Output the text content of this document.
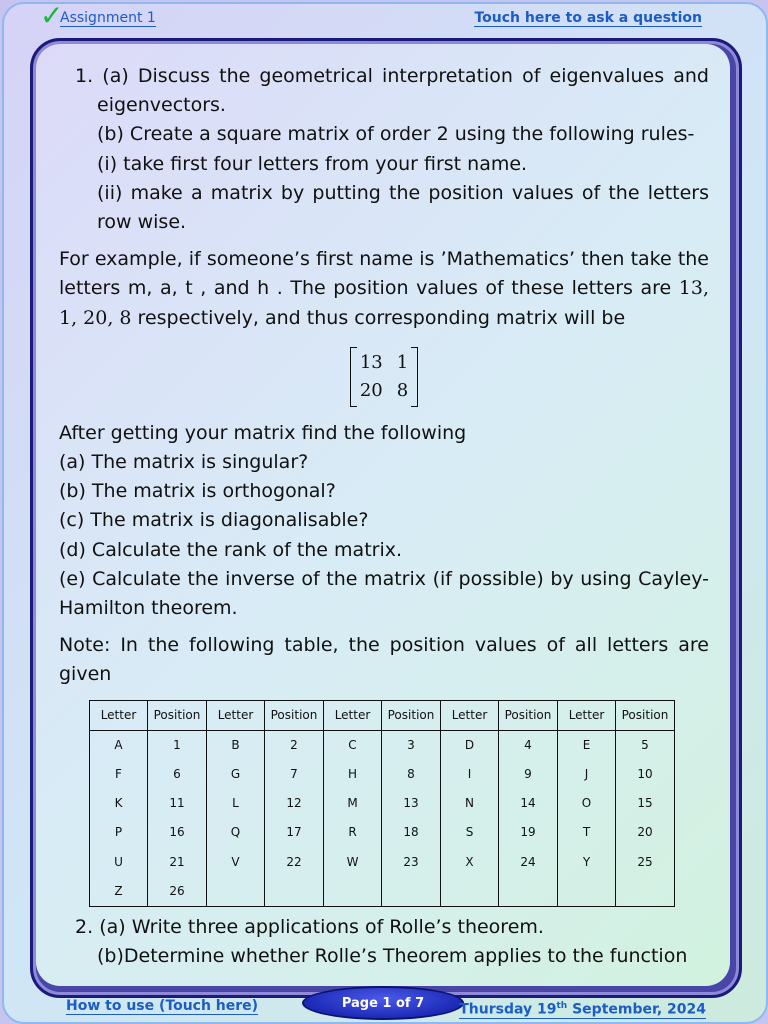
✓
Assignment 1	Touch here to ask a question

1. (a) Discuss the geometrical interpretation of eigenvalues and eigenvectors.

(b) Create a square matrix of order 2 using the following rules-

(i) take first four letters from your first name.

(ii) make a matrix by putting the position values of the letters row wise.

For example, if someone’s first name is ’Mathematics’ then take the letters m, a, t , and h . The position values of these letters are 13, 1, 20, 8 respectively, and thus corresponding matrix will be

13 1
20 8

After getting your matrix find the following

(a) The matrix is singular?

(b) The matrix is orthogonal?

(c) The matrix is diagonalisable?

(d) Calculate the rank of the matrix.

(e) Calculate the inverse of the matrix (if possible) by using Cayley-Hamilton theorem.

Note: In the following table, the position values of all letters are given

Letter	Position	Letter	Position	Letter	Position	Letter	Position	Letter	Position
A	1	B	2	C	3	D	4	E	5
F	6	G	7	H	8	I	9	J	10
K	11	L	12	M	13	N	14	O	15
P	16	Q	17	R	18	S	19	T	20
U	21	V	22	W	23	X	24	Y	25
Z	26								

2. (a) Write three applications of Rolle’s theorem.

(b)Determine whether Rolle’s Theorem applies to the function

How to use (Touch here)	Page 1 of 7	Thursday 19th September, 2024
